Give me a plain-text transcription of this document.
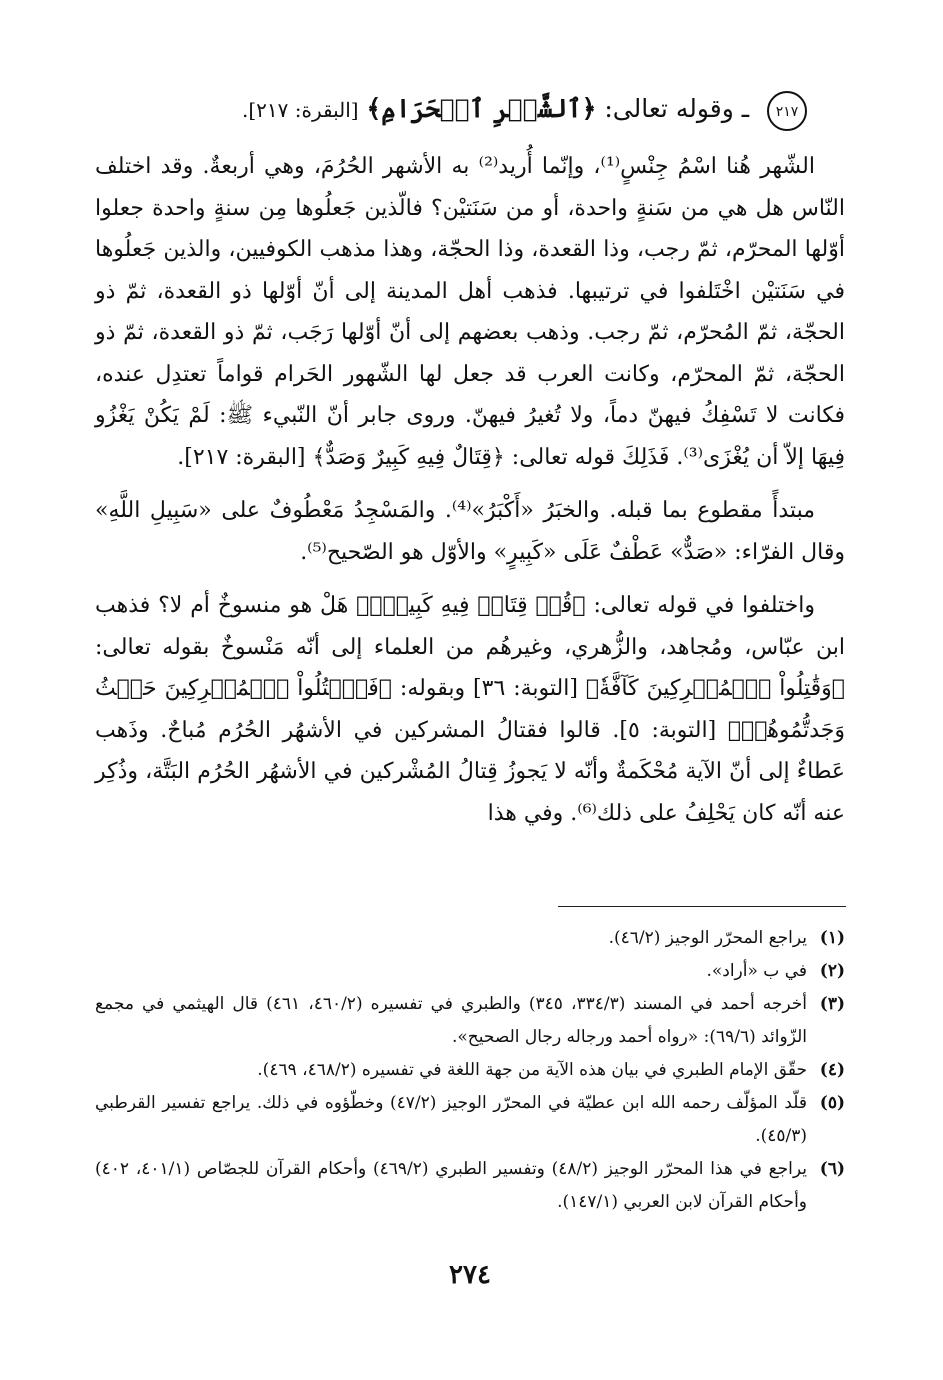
٢١٧ ـ وقوله تعالى: ﴿ٱلشَّهۡرِ ٱلۡحَرَامِ﴾ [البقرة: ٢١٧].

الشّهر هُنا اسْمُ جِنْسٍ⁽¹⁾، وإنّما أُريد⁽²⁾ به الأشهر الحُرُمَ، وهي أربعةٌ. وقد اختلف النّاس هل هي من سَنةٍ واحدة، أو من سَنَتيْن؟ فالّذين جَعلُوها مِن سنةٍ واحدة جعلوا أوّلها المحرّم، ثمّ رجب، وذا القعدة، وذا الحجّة، وهذا مذهب الكوفيين، والذين جَعلُوها في سَنَتيْن اخْتَلفوا في ترتيبها. فذهب أهل المدينة إلى أنّ أوّلها ذو القعدة، ثمّ ذو الحجّة، ثمّ المُحرّم، ثمّ رجب. وذهب بعضهم إلى أنّ أوّلها رَجَب، ثمّ ذو القعدة، ثمّ ذو الحجّة، ثمّ المحرّم، وكانت العرب قد جعل لها الشّهور الحَرام قواماً تعتدِل عنده، فكانت لا تَسْفِكُ فيهنّ دماً، ولا تُغيرُ فيهنّ. وروى جابر أنّ النّبيء ﷺ: لَمْ يَكُنْ يَغْزُو فِيهَا إلاّ أن يُغْزَى⁽³⁾. فَذَلِكَ قوله تعالى: ﴿قِتَالٌ فِيهِ كَبِيرٌ وَصَدٌّ﴾ [البقرة: ٢١٧].

مبتدأً مقطوع بما قبله. والخبَرُ «أَكْبَرُ»⁽⁴⁾. والمَسْجِدُ مَعْطُوفٌ على «سَبِيلِ اللَّهِ» وقال الفرّاء: «صَدٌّ» عَطْفٌ عَلَى «كَبِيرٍ» والأوّل هو الصّحيح⁽⁵⁾.

واختلفوا في قوله تعالى: ﴿قُلۡ قِتَالٞ فِيهِ كَبِيرٞۚ﴾ هَلْ هو منسوخٌ أم لا؟ فذهب ابن عبّاس، ومُجاهد، والزُّهري، وغيرهُم من العلماء إلى أنّه مَنْسوخٌ بقوله تعالى: ﴿وَقَٰتِلُواْ ٱلۡمُشۡرِكِينَ كَآفَّةٗ﴾ [التوبة: ٣٦] وبقوله: ﴿فَٱقۡتُلُواْ ٱلۡمُشۡرِكِينَ حَيۡثُ وَجَدتُّمُوهُمۡ﴾ [التوبة: ٥]. قالوا فقتالُ المشركين في الأشهُر الحُرُم مُباحٌ. وذَهب عَطاءٌ إلى أنّ الآية مُحْكَمةٌ وأنّه لا يَجوزُ قِتالُ المُشْركين في الأشهُر الحُرُم البَتَّة، وذُكِر عنه أنّه كان يَحْلِفُ على ذلك⁽⁶⁾. وفي هذا

(١)
يراجع المحرّر الوجيز (٤٦/٢).
(٢)
في ب «أراد».
(٣)
أخرجه أحمد في المسند (٣٣٤/٣، ٣٤٥) والطبري في تفسيره (٤٦٠/٢، ٤٦١) قال الهيثمي في مجمع الزّوائد (٦٩/٦): «رواه أحمد ورجاله رجال الصحيح».
(٤)
حقّق الإمام الطبري في بيان هذه الآية من جهة اللغة في تفسيره (٤٦٨/٢، ٤٦٩).
(٥)
قلّد المؤلّف رحمه الله ابن عطيّة في المحرّر الوجيز (٤٧/٢) وخطّؤوه في ذلك. يراجع تفسير القرطبي (٤٥/٣).
(٦)
يراجع في هذا المحرّر الوجيز (٤٨/٢) وتفسير الطبري (٤٦٩/٢) وأحكام القرآن للجصّاص (٤٠١/١، ٤٠٢) وأحكام القرآن لابن العربي (١٤٧/١).
٢٧٤
